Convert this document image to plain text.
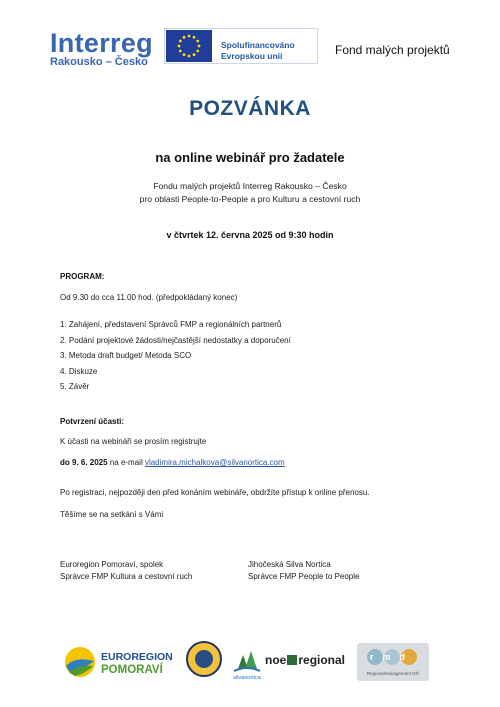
Interreg
Rakousko – Česko
Spolufinancováno
Evropskou unií	Fond malých projektů
POZVÁNKA
na online webinář pro žadatele
Fondu malých projektů Interreg Rakousko – Česko
pro oblasti People-to-People a pro Kulturu a cestovní ruch
v čtvrtek 12. června 2025 od 9:30 hodin
PROGRAM:
Od 9.30 do cca 11.00 hod. (předpokládaný konec)
1. Zahájení, představení Správců FMP a regionálních partnerů
2. Podání projektové žádosti/nejčastější nedostatky a doporučení
3. Metoda draft budget/ Metoda SCO
4. Diskuze
5. Závěr
Potvrzení účasti:
K účasti na webináři se prosím registrujte
do 9. 6. 2025 na e-mail vladimira.michalkova@silvanortica.com
Po registraci, nejpozději den před konáním webináře, obdržíte přístup k online přenosu.
Těšíme se na setkání s Vámi
Euroregion Pomoraví, spolek
Správce FMP Kultura a cestovní ruch
Jihočeská Silva Nortica
Správce FMP People to People
EUROREGION
POMORAVÍ
silvanortica
noe regional	rmd
Regionalmanagement OÖ
